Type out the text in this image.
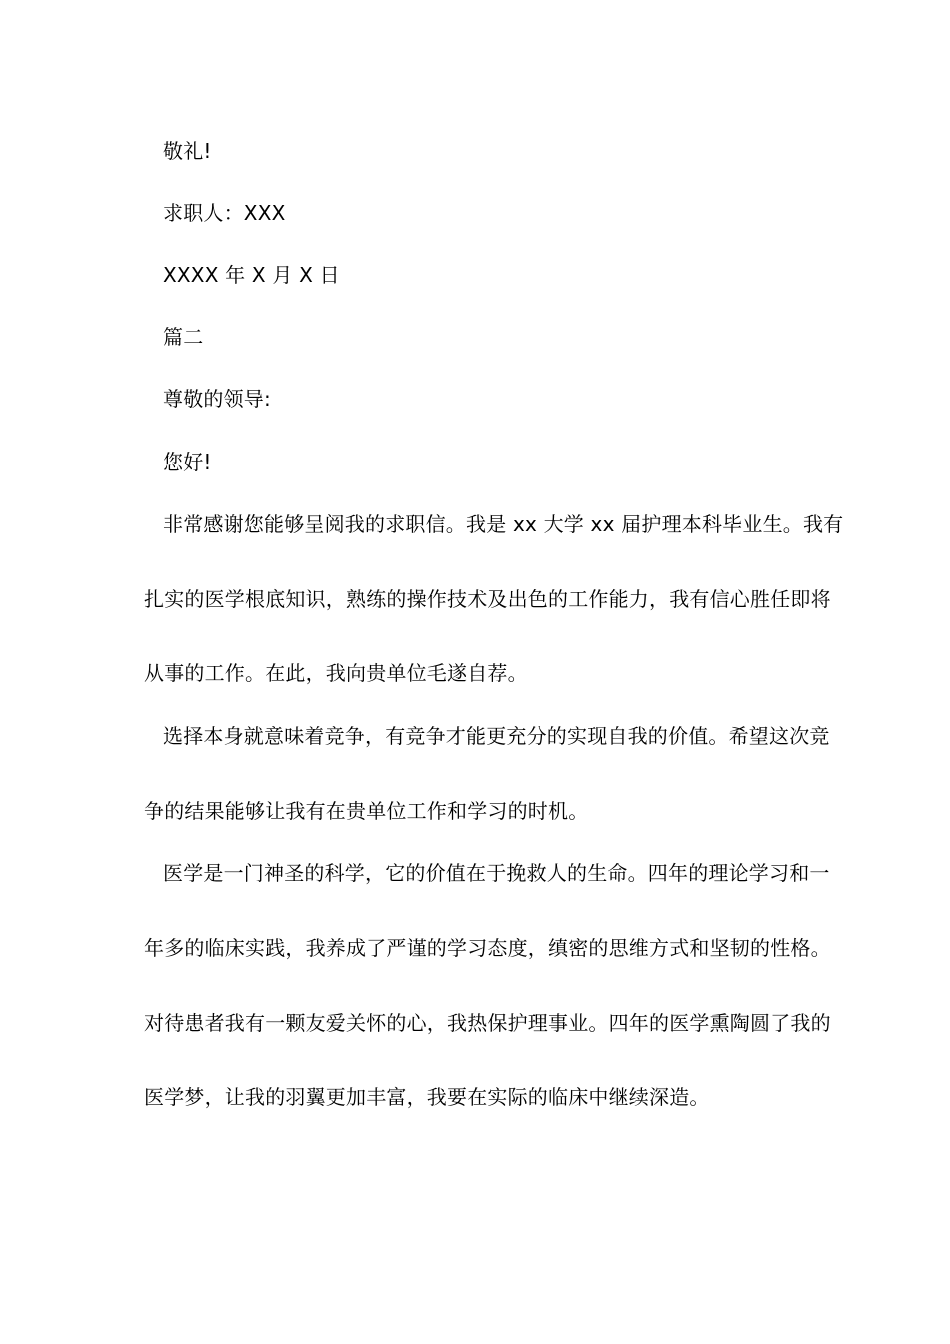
敬礼!
求职人：XXX
XXXX 年 X 月 X 日
篇二
尊敬的领导:
您好!
非常感谢您能够呈阅我的求职信。我是 xx 大学 xx 届护理本科毕业生。我有
扎实的医学根底知识，熟练的操作技术及出色的工作能力，我有信心胜任即将
从事的工作。在此，我向贵单位毛遂自荐。
选择本身就意味着竞争，有竞争才能更充分的实现自我的价值。希望这次竞
争的结果能够让我有在贵单位工作和学习的时机。
医学是一门神圣的科学，它的价值在于挽救人的生命。四年的理论学习和一
年多的临床实践，我养成了严谨的学习态度，缜密的思维方式和坚韧的性格。
对待患者我有一颗友爱关怀的心，我热保护理事业。四年的医学熏陶圆了我的
医学梦，让我的羽翼更加丰富，我要在实际的临床中继续深造。
